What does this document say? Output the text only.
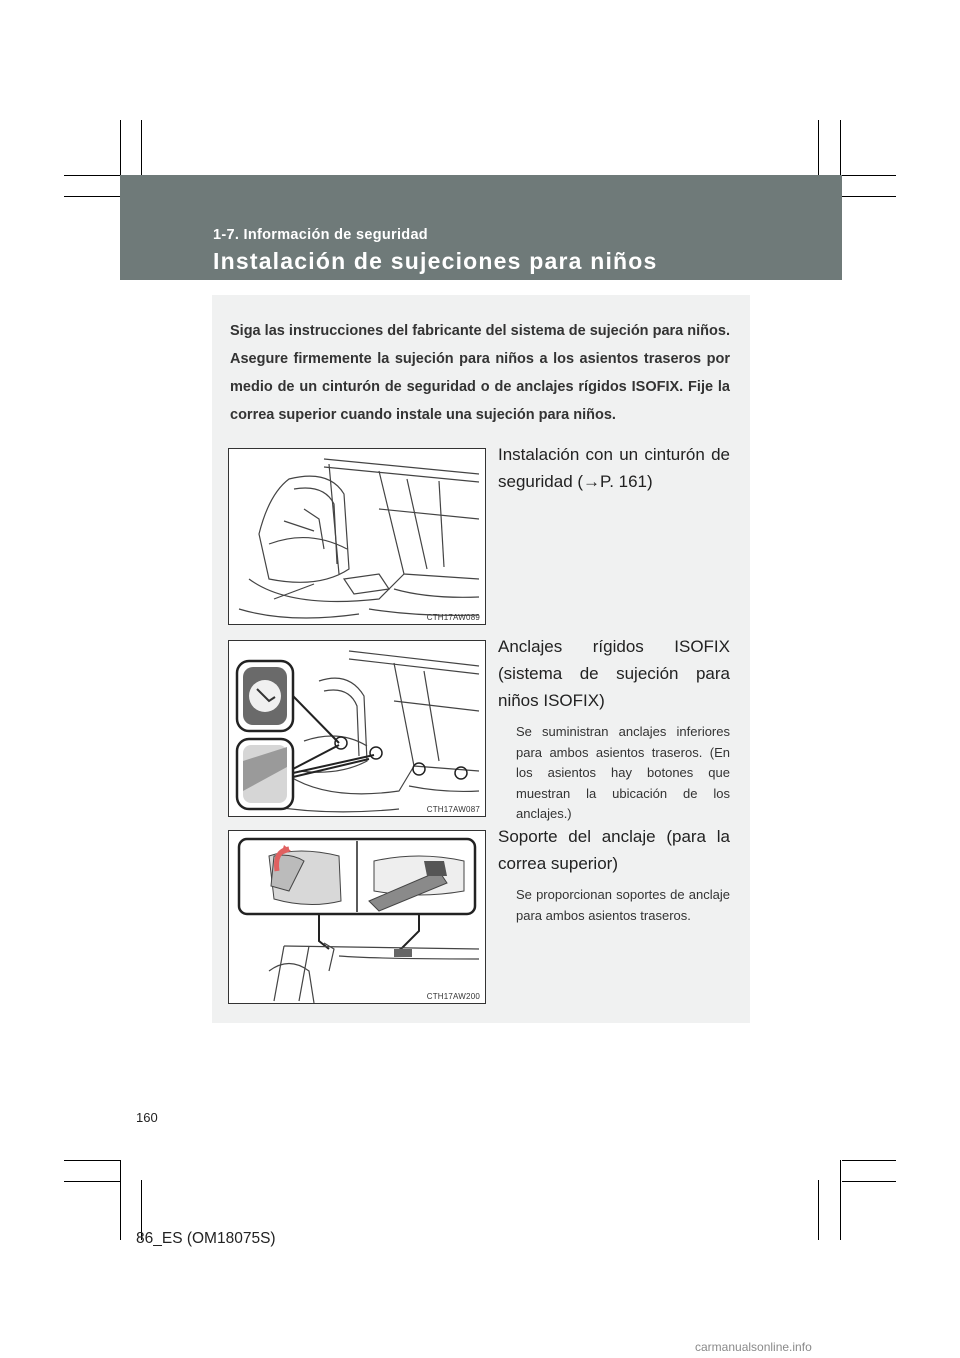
1-7. Información de seguridad
Instalación de sujeciones para niños
Siga las instrucciones del fabricante del sistema de sujeción para niños. Asegure firmemente la sujeción para niños a los asientos traseros por medio de un cinturón de seguridad o de anclajes rígidos ISOFIX. Fije la correa superior cuando instale una sujeción para niños.
CTH17AW089
Instalación con un cinturón de seguridad (→P. 161)
CTH17AW087
Anclajes rígidos ISOFIX (sistema de sujeción para niños ISOFIX)
Se suministran anclajes inferiores para ambos asientos traseros. (En los asientos hay botones que muestran la ubicación de los anclajes.)
CTH17AW200
Soporte del anclaje (para la correa superior)
Se proporcionan soportes de anclaje para ambos asientos traseros.
160
86_ES (OM18075S)
carmanualsonline.info
